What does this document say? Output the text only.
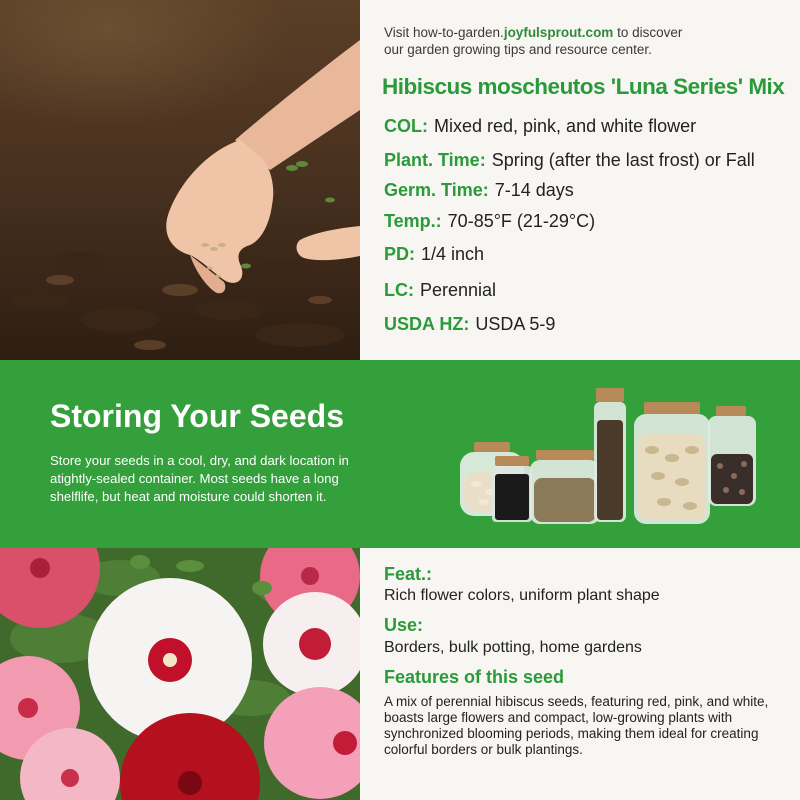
Visit how-to-garden.joyfulsprout.com to discover
our garden growing tips and resource center.
Hibiscus moscheutos 'Luna Series' Mix
COL: Mixed red, pink, and white flower
Plant. Time: Spring (after the last frost) or Fall
Germ. Time: 7-14 days
Temp.: 70-85°F (21-29°C)
PD: 1/4 inch
LC: Perennial
USDA HZ: USDA 5-9
Storing Your Seeds
Store your seeds in a cool, dry, and dark location in atightly-sealed container. Most seeds have a long shelflife, but heat and moisture could shorten it.
Feat.:
Rich flower colors, uniform plant shape
Use:
Borders, bulk potting, home gardens
Features of this seed
A mix of perennial hibiscus seeds, featuring red, pink, and white, boasts large flowers and compact, low-growing plants with synchronized blooming periods, making them ideal for creating colorful borders or bulk plantings.
